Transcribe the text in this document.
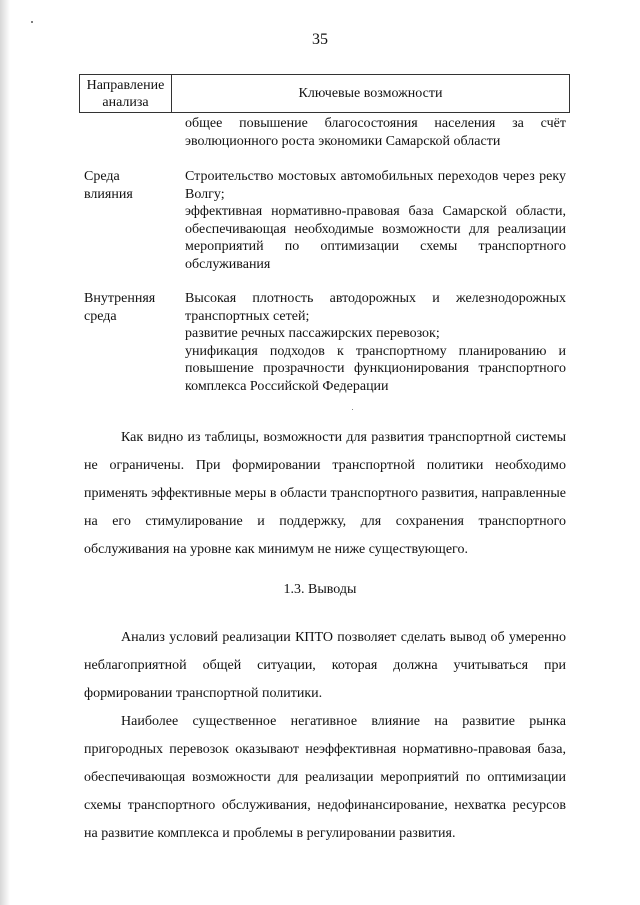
35
Направление анализа
Ключевые возможности
общее повышение благосостояния населения за счёт эволюционного роста экономики Самарской области
Среда влияния
Строительство мостовых автомобильных переходов через реку Волгу;
эффективная нормативно-правовая база Самарской области, обеспечивающая необходимые возможности для реализации мероприятий по оптимизации схемы транспортного обслуживания
Внутренняя среда
Высокая плотность автодорожных и железнодорожных транспортных сетей;
развитие речных пассажирских перевозок;
унификация подходов к транспортному планированию и повышение прозрачности функционирования транспортного комплекса Российской Федерации
Как видно из таблицы, возможности для развития транспортной системы не ограничены. При формировании транспортной политики необходимо применять эффективные меры в области транспортного развития, направленные на его стимулирование и поддержку, для сохранения транспортного обслуживания на уровне как минимум не ниже существующего.
1.3. Выводы
Анализ условий реализации КПТО позволяет сделать вывод об умеренно неблагоприятной общей ситуации, которая должна учитываться при формировании транспортной политики.
Наиболее существенное негативное влияние на развитие рынка пригородных перевозок оказывают неэффективная нормативно-правовая база, обеспечивающая возможности для реализации мероприятий по оптимизации схемы транспортного обслуживания, недофинансирование, нехватка ресурсов на развитие комплекса и проблемы в регулировании развития.
